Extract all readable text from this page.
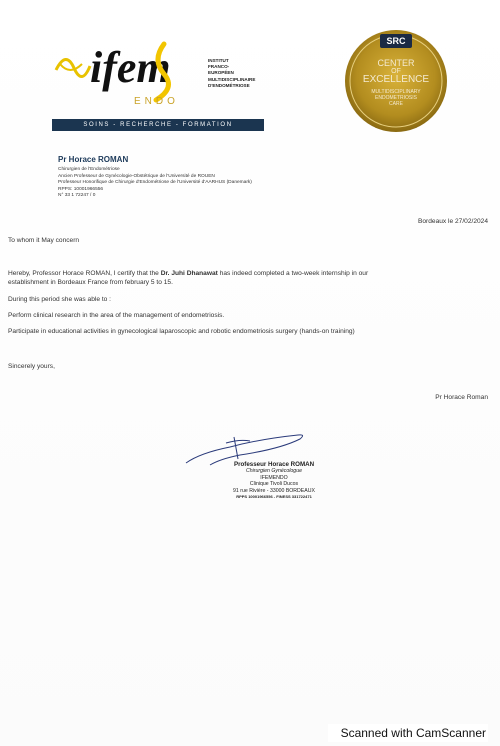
ifem
ENDO
INSTITUT
FRANCO-
EUROPÉEN
MULTIDISCIPLINAIRE
D'ENDOMÉTRIOSE
SOINS - RECHERCHE - FORMATION
SRC
CENTER
OF
EXCELLENCE
MULTIDISCIPLINARY
ENDOMETRIOSIS
CARE
Pr Horace ROMAN
Chirurgien de l'Endométriose
Ancien Professeur de Gynécologie-Obstétrique de l'Université de ROUEN
Professeur Honorifique de Chirurgie d'Endométriose de l'Université d'AARHUS (Danemark)
RPPS: 10001966556
N° 33 1 72247 / 0
Bordeaux le 27/02/2024
To whom it May concern
Hereby, Professor Horace ROMAN, I certify that the Dr. Juhi Dhanawat has indeed completed a two-week internship in our
establishment in Bordeaux France from february 5 to 15.
During this period she was able to :
Perform clinical research in the area of the management of endometriosis.
Participate in educational activities in gynecological laparoscopic and robotic endometriosis surgery (hands-on training)
Sincerely yours,
Pr Horace Roman
Professeur Horace ROMAN
Chirurgien Gynécologue
IFEMENDO
Clinique Tivoli Ducos
91 rue Rivière - 33000 BORDEAUX
RPPS 10001966556 - FINESS 331722471
Scanned with CamScanner
